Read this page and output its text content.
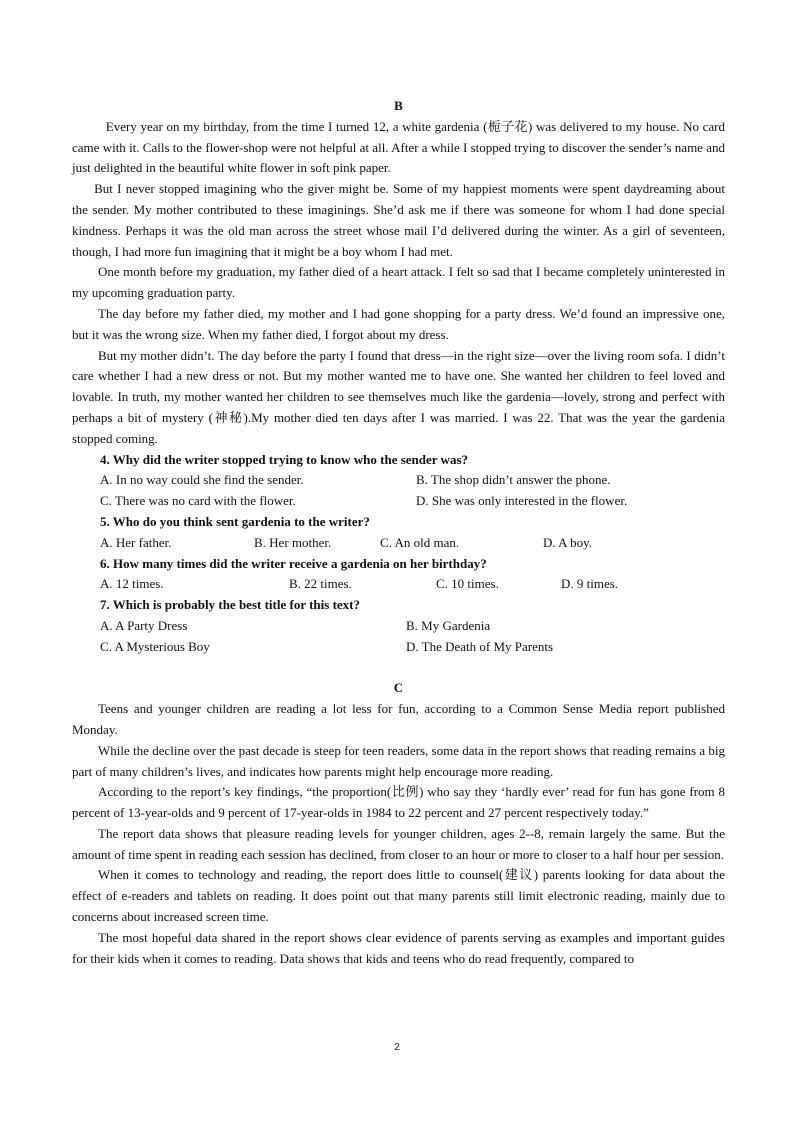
B

Every year on my birthday, from the time I turned 12, a white gardenia (栀子花) was delivered to my house. No card came with it. Calls to the flower-shop were not helpful at all. After a while I stopped trying to discover the sender’s name and just delighted in the beautiful white flower in soft pink paper.

But I never stopped imagining who the giver might be. Some of my happiest moments were spent daydreaming about the sender. My mother contributed to these imaginings. She’d ask me if there was someone for whom I had done special kindness. Perhaps it was the old man across the street whose mail I’d delivered during the winter. As a girl of seventeen, though, I had more fun imagining that it might be a boy whom I had met.

One month before my graduation, my father died of a heart attack. I felt so sad that I became completely uninterested in my upcoming graduation party.

The day before my father died, my mother and I had gone shopping for a party dress. We’d found an impressive one, but it was the wrong size. When my father died, I forgot about my dress.

But my mother didn’t. The day before the party I found that dress—in the right size—over the living room sofa. I didn’t care whether I had a new dress or not. But my mother wanted me to have one. She wanted her children to feel loved and lovable. In truth, my mother wanted her children to see themselves much like the gardenia—lovely, strong and perfect with perhaps a bit of mystery (神秘).My mother died ten days after I was married. I was 22. That was the year the gardenia stopped coming.

4. Why did the writer stopped trying to know who the sender was?

A. In no way could she find the sender.	B. The shop didn’t answer the phone.
C. There was no card with the flower.	D. She was only interested in the flower.

5. Who do you think sent gardenia to the writer?

A. Her father.	B. Her mother.	C. An old man.	D. A boy.

6. How many times did the writer receive a gardenia on her birthday?

A. 12 times.	B. 22 times.	C. 10 times.	D. 9 times.

7. Which is probably the best title for this text?

A. A Party Dress	B. My Gardenia
C. A Mysterious Boy	D. The Death of My Parents

C

Teens and younger children are reading a lot less for fun, according to a Common Sense Media report published Monday.

While the decline over the past decade is steep for teen readers, some data in the report shows that reading remains a big part of many children’s lives, and indicates how parents might help encourage more reading.

According to the report’s key findings, “the proportion(比例) who say they ‘hardly ever’ read for fun has gone from 8 percent of 13-year-olds and 9 percent of 17-year-olds in 1984 to 22 percent and 27 percent respectively today.”

The report data shows that pleasure reading levels for younger children, ages 2--8, remain largely the same. But the amount of time spent in reading each session has declined, from closer to an hour or more to closer to a half hour per session.

When it comes to technology and reading, the report does little to counsel(建议) parents looking for data about the effect of e-readers and tablets on reading. It does point out that many parents still limit electronic reading, mainly due to concerns about increased screen time.

The most hopeful data shared in the report shows clear evidence of parents serving as examples and important guides for their kids when it comes to reading. Data shows that kids and teens who do read frequently, compared to

2
